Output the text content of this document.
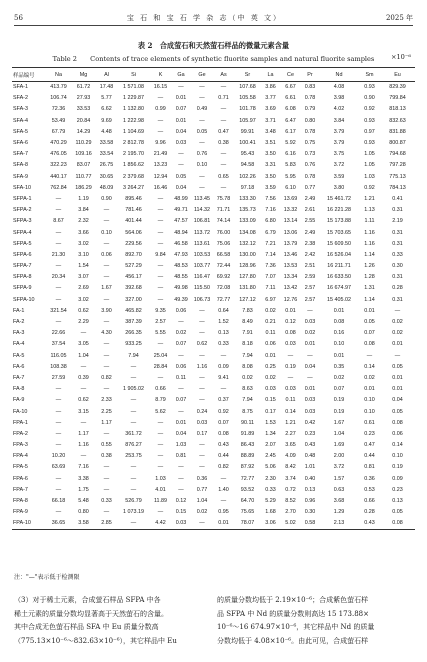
56	宝 石 和 宝 石 学 杂 志（中 英 文）	2025 年
表 2　合成萤石和天然萤石样品的微量元素含量
Table 2　　Contents of trace elements of synthetic fluorite samples and natural fluorite samples	×10⁻⁶
样品编号	Na	Mg	Al	Si	K	Ga	Ge	As	Sr	La	Ce	Pr	Nd	Sm	Eu
SFA-1	413.79	61.72	17.48	1 571.08	16.15	—	—	—	107.68	3.86	6.67	0.83	4.08	0.93	829.39
SFA-2	106.74	27.93	5.77	1 229.87	—	0.01	—	0.71	105.58	3.77	6.61	0.78	3.98	0.90	799.84
SFA-3	72.36	33.53	6.62	1 132.80	0.99	0.07	0.49	—	101.78	3.69	6.08	0.79	4.02	0.92	818.13
SFA-4	53.49	20.84	9.69	1 222.98	—	0.01	—	—	105.97	3.71	6.47	0.80	3.84	0.93	832.63
SFA-5	67.79	14.29	4.48	1 104.69	—	0.04	0.05	0.47	99.91	3.48	6.17	0.78	3.79	0.97	831.88
SFA-6	470.29	110.29	33.58	2 812.78	9.96	0.03	—	0.38	100.41	3.51	5.92	0.75	3.79	0.93	800.87
SFA-7	476.05	109.16	33.54	2 195.70	21.49	—	0.76	—	95.43	3.50	6.16	0.73	3.75	1.05	794.68
SFA-8	322.23	83.07	26.75	1 856.62	13.23	—	0.10	—	94.58	3.31	5.83	0.76	3.72	1.05	797.28
SFA-9	440.17	110.77	30.65	2 379.68	12.94	0.05	—	0.65	102.26	3.50	5.95	0.78	3.59	1.03	775.13
SFA-10	762.84	186.29	48.09	3 264.27	16.46	0.04	—	—	97.18	3.59	6.10	0.77	3.80	0.92	784.13
SFPA-1	—	1.19	0.90	895.46	—	48.99	113.45	75.78	133.30	7.56	13.69	2.49	15 461.72	1.21	0.41
SFPA-2	—	3.84	—	781.46	—	49.71	114.32	71.71	135.73	7.16	13.32	2.61	16 221.28	1.13	0.31
SFPA-3	8.67	2.32	—	401.44	—	47.57	106.81	74.14	133.09	6.80	13.14	2.55	15 173.88	1.11	2.19
SFPA-4	—	3.66	0.10	564.06	—	48.94	113.72	76.00	134.08	6.79	13.06	2.49	15 703.65	1.16	0.31
SFPA-5	—	3.02	—	229.56	—	46.58	113.61	75.06	132.12	7.21	13.79	2.38	15 609.50	1.16	0.31
SFPA-6	21.30	3.10	0.06	892.70	9.84	47.93	103.53	66.58	130.00	7.14	13.46	2.42	16 526.04	1.14	0.33
SFPA-7	—	1.54	—	527.29	—	48.53	103.77	72.44	128.96	7.36	13.53	2.51	16 211.71	1.26	0.30
SFPA-8	20.34	3.07	—	456.17	—	48.55	116.47	69.92	127.80	7.07	13.34	2.59	16 633.50	1.28	0.31
SFPA-9	—	2.69	1.67	392.68	—	49.98	115.50	72.08	131.80	7.11	13.42	2.57	16 674.97	1.31	0.28
SFPA-10	—	3.02	—	327.00	—	49.39	106.73	72.77	127.12	6.97	12.76	2.57	15 405.02	1.14	0.31
FA-1	321.54	0.62	3.90	465.82	9.35	0.06	—	0.64	7.83	0.02	0.01	—	0.01	0.01	—
FA-2	—	2.29	—	387.39	2.57	—	—	1.52	8.49	0.21	0.12	0.03	0.08	0.05	0.02
FA-3	22.66	—	4.30	266.35	5.55	0.02	—	0.13	7.91	0.11	0.08	0.02	0.16	0.07	0.02
FA-4	37.54	3.05	—	933.25	—	0.07	0.62	0.33	8.18	0.06	0.03	0.01	0.10	0.08	0.01
FA-5	116.05	1.04	—	7.94	25.04	—	—	—	7.94	0.01	—	—	0.01	—	—
FA-6	108.38	—	—	—	28.84	0.06	1.16	0.09	8.08	0.25	0.19	0.04	0.35	0.14	0.05
FA-7	27.59	0.39	0.82	—	—	0.11	—	9.41	0.02	0.02	—	—	0.02	0.02	0.01
FA-8	—	—	—	1 905.02	0.66	—	—	—	8.63	0.03	0.03	0.01	0.07	0.01	0.01
FA-9	—	0.62	2.33	—	8.79	0.07	—	0.37	7.94	0.15	0.11	0.03	0.19	0.10	0.04
FA-10	—	3.15	2.25	—	5.62	—	0.24	0.92	8.75	0.17	0.14	0.03	0.19	0.10	0.05
FPA-1	—	—	1.17	—	—	0.01	0.03	0.07	90.11	1.53	1.21	0.42	1.67	0.61	0.08
FPA-2	—	1.17	—	361.72	—	0.04	0.17	0.08	91.89	1.34	2.27	0.23	1.04	0.23	0.06
FPA-3	—	1.16	0.55	876.27	—	1.03	—	0.43	86.43	2.07	3.65	0.43	1.69	0.47	0.14
FPA-4	10.20	—	0.38	253.75	—	0.81	—	0.44	88.89	2.45	4.09	0.48	2.00	0.44	0.10
FPA-5	63.69	7.16	—	—	—	—	—	0.82	87.92	5.06	8.42	1.01	3.72	0.81	0.19
FPA-6	—	3.38	—	—	1.03	—	0.36	—	72.77	2.30	3.74	0.40	1.57	0.36	0.09
FPA-7	—	1.75	—	—	4.01	—	0.77	1.40	93.52	0.33	0.72	0.13	0.63	0.53	0.23
FPA-8	66.18	5.48	0.33	526.79	11.89	0.12	1.04	—	64.70	5.29	8.52	0.96	3.68	0.66	0.13
FPA-9	—	0.80	—	1 073.19	—	0.15	0.02	0.95	75.65	1.68	2.70	0.30	1.29	0.28	0.05
FPA-10	36.65	3.58	2.85	—	4.42	0.03	—	0.01	78.07	3.06	5.02	0.58	2.13	0.43	0.08
注："—"表示低于检测限
（3）对于稀土元素，合成萤石样品 SFPA 中各
稀土元素的质量分数均显著高于天然萤石的含量。
其中合成无色萤石样品 SFA 中 Eu 质量分数高
（775.13×10⁻⁶～832.63×10⁻⁶），其它样品中 Eu
的质量分数均低于 2.19×10⁻⁶；合成紫色萤石样
品 SFPA 中 Nd 的质量分数则高达 15 173.88×
10⁻⁶～16 674.97×10⁻⁶，其它样品中 Nd 的质量
分数均低于 4.08×10⁻⁶。由此可见，合成萤石样
